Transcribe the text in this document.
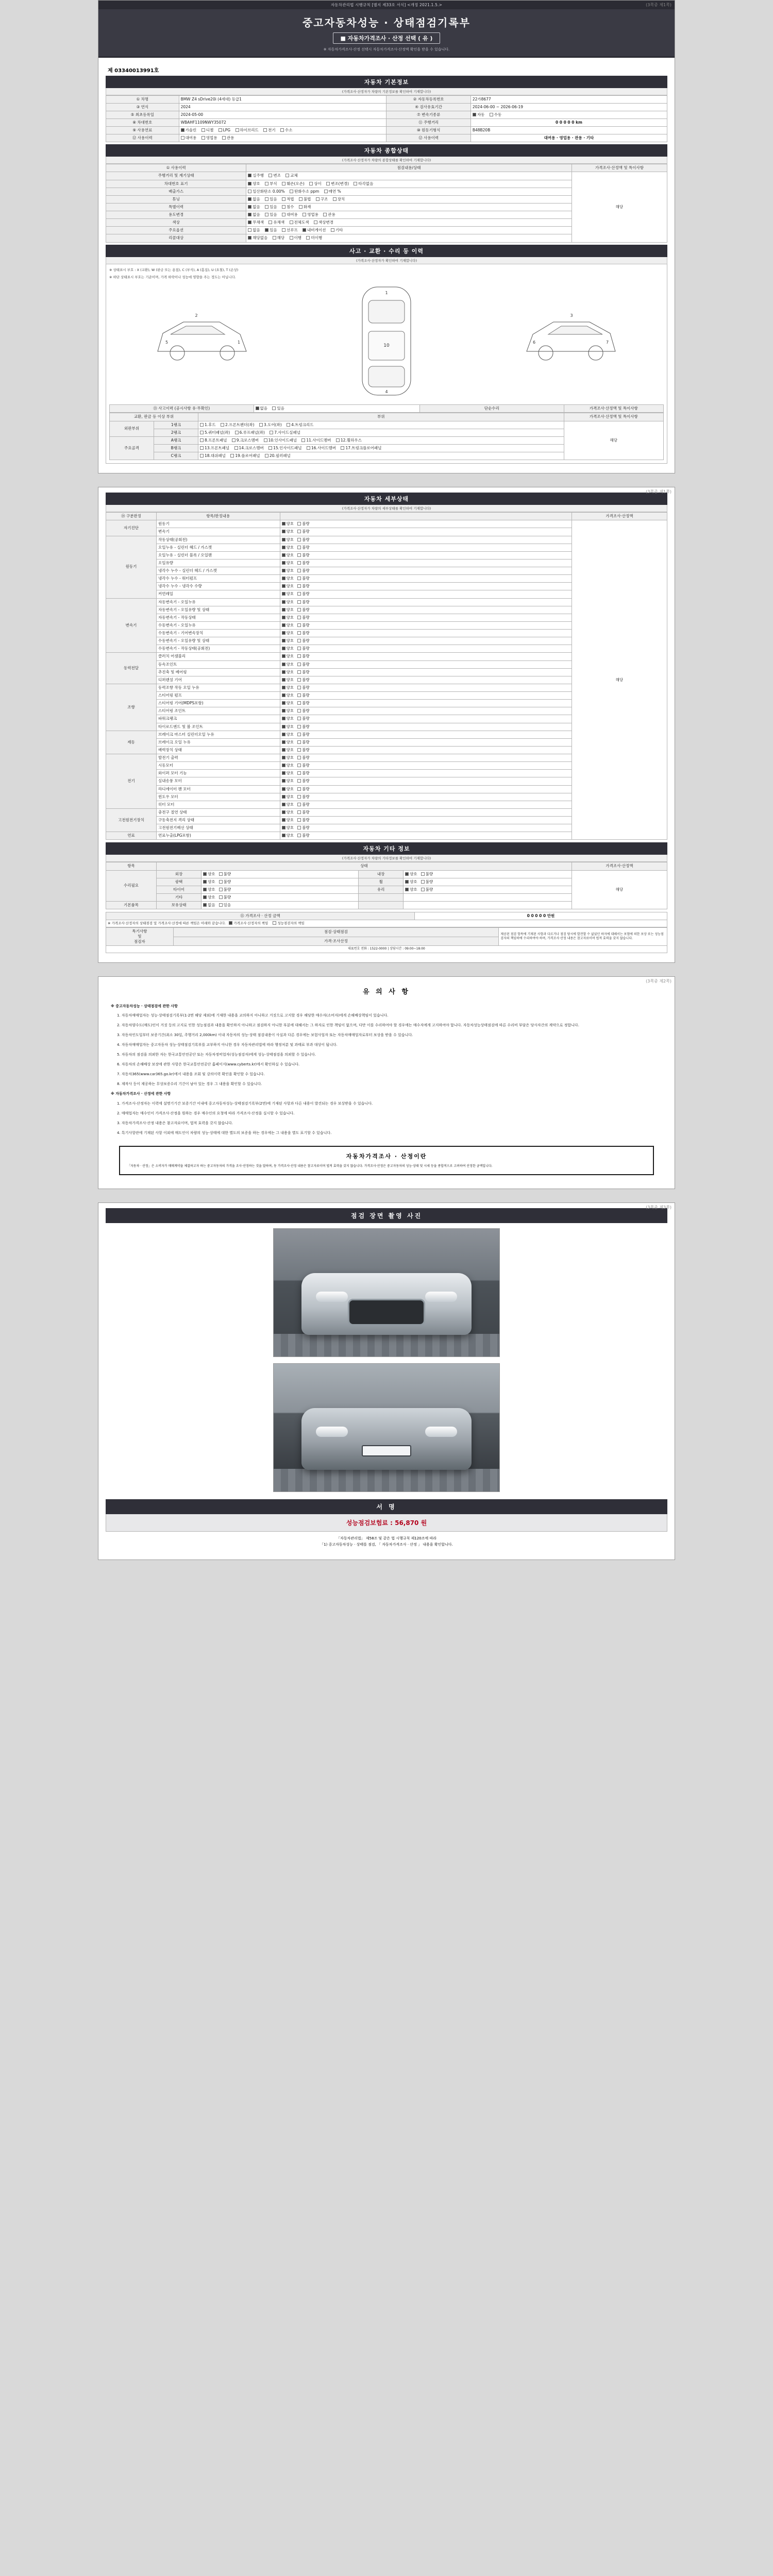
자동차관리법 시행규칙 [별지 제33호 서식] <개정 2021.1.5.>	(3쪽중 제1쪽)
중고자동차성능 · 상태점검기록부
■ 자동차가격조사 · 산정 선택 ( 유 )
※ 자동차가격조사·산정 선택시 자동차가격조사·산정액 확인을 받을 수 있습니다.
제 03340013991호
자동차 기본정보
(가격조사·산정자가 차량의 기본정보를 확인하여 기재합니다)
① 차명	BMW Z4 sDrive20i (4세대) 등급1	② 자동차등록번호	22가8677
③ 연식	2024	④ 검사유효기간	2024-06-00 ~ 2026-06-19
⑤ 최초등록일	2024-05-00	⑦ 변속기종류	자동 수동
⑧ 차대번호	WBAHF1109NWY35072	⑪ 주행거리	0 0 0 0 0 km
⑨ 사용연료	가솔린 디젤 LPG 하이브리드 전기 수소	⑩ 원동기형식	B48B20B
⑫ 사용이력	대여용 영업용 관용	⑫ 사용이력	대여용 · 영업용 · 관용 · 기타
자동차 종합상태
(가격조사·산정자가 차량의 종합상태를 확인하여 기재합니다)
① 사용이력	점검내용/상태	가격조사·산정액 및 특이사항
주행거리 및 계기상태	실주행 변조 교체	해당
차대번호 표기	양호 부식 훼손(오손) 상이 변조(변경) 타각없음	
배출가스	일산화탄소 0.00% 탄화수소 ppm 매연 %	
튜닝	없음 있음 적법 불법 구조 장치	
특별이력	없음 있음 침수 화재	
용도변경	없음 있음 대여용 영업용 관용	
색상	무채색 유채색 전체도색 색상변경	
주요옵션	없음 있음 선루프 내비게이션 기타	
리콜대상	해당없음 해당 이행 미이행	
사고 · 교환 · 수리 등 이력
(가격조사·산정자가 확인하여 기재합니다)
※ 상태표시 부호 : X (교환), W (판금 또는 용접), C (부식), A (흠집), U (요철), T (손상)
※ 하단 상태표시 부호는 기준이며, 가격 하락이나 성능에 영향을 주는 정도는 아닙니다.
2
5	1
1
10
4
3
6	7
⑬ 사고이력 (공시사항 유·무확인)	없음 있음	단순수리	가격조사·산정액 및 특이사항
교환, 판금 등 이상 부위		부위	가격조사·산정액 및 특이사항
외판부위	1랭크	1.후드 2.프론트펜더(좌) 3.도어(좌) 4.트렁크리드	해당
	2랭크	5.쿼터패널(좌) 6.루프패널(좌) 7.사이드실패널	
주요골격	A랭크	8.프론트패널 9.크로스멤버 10.인사이드패널 11.사이드멤버 12.휠하우스	
	B랭크	13.프론트패널 14.크로스멤버 15.인사이드패널 16.사이드멤버 17.트렁크플로어패널	
	C랭크	18.대쉬패널 19.플로어패널 20.필러패널	
(3쪽중 제1쪽)
자동차 세부상태
(가격조사·산정자가 차량의 세부상태를 확인하여 기재합니다)
⑭ 구분판정	항목/판정내용		가격조사·산정액
자기진단	원동기	양호 불량	해당
	변속기	양호 불량	
원동기	작동상태(공회전)	양호 불량	
	오일누유 - 실린더 헤드 / 가스켓	양호 불량	
	오일누유 - 실린더 블록 / 오일팬	양호 불량	
	오일유량	양호 불량	
	냉각수 누수 - 실린더 헤드 / 가스켓	양호 불량	
	냉각수 누수 - 워터펌프	양호 불량	
	냉각수 누수 - 냉각수 수량	양호 불량	
	커먼레일	양호 불량	
변속기	자동변속기 - 오일누유	양호 불량	
	자동변속기 - 오일유량 및 상태	양호 불량	
	자동변속기 - 작동상태	양호 불량	
	수동변속기 - 오일누유	양호 불량	
	수동변속기 - 기어변속장치	양호 불량	
	수동변속기 - 오일유량 및 상태	양호 불량	
	수동변속기 - 작동상태(공회전)	양호 불량	
동력전달	클러치 어셈블리	양호 불량	
	등속조인트	양호 불량	
	추진축 및 베어링	양호 불량	
	디퍼렌셜 기어	양호 불량	
조향	동력조향 작동 오일 누유	양호 불량	
	스티어링 펌프	양호 불량	
	스티어링 기어(MDPS포함)	양호 불량	
	스티어링 조인트	양호 불량	
	파워크랭크	양호 불량	
	타이로드엔드 및 볼 조인트	양호 불량	
제동	브레이크 마스터 실린더오일 누유	양호 불량	
	브레이크 오일 누유	양호 불량	
	배력장치 상태	양호 불량	
전기	발전기 출력	양호 불량	
	시동모터	양호 불량	
	와이퍼 모터 기능	양호 불량	
	실내송풍 모터	양호 불량	
	라디에이터 팬 모터	양호 불량	
	윈도우 모터	양호 불량	
	히터 모터	양호 불량	
고전원전기장치	충전구 절연 상태	양호 불량	
	구동축전지 격리 상태	양호 불량	
	고전원전기배선 상태	양호 불량	
연료	연료누출(LPG포함)	양호 불량	
자동차 기타 정보
(가격조사·산정자가 차량의 기타정보를 확인하여 기재합니다)
항목	상태				가격조사·산정액
수리필요	외장	양호 불량	내장	양호 불량	해당
	광택	양호 불량	휠	양호 불량	
	타이어	양호 불량	유리	양호 불량	
	기타	양호 불량			
기본품목	보유상태	없음 있음			
⑮ 가격조사 · 산정 금액	0 0 0 0 0 만원
※ 가격조사·산정자의 상태점검 및 가격조사·산정에 따른 책임은 아래와 같습니다. 가격조사·산정자의 책임	성능점검자의 책임
특기사항
및
점검자	점검·상태점검	제공된 점검 항목에 기재된 사항과 다르거나 점검 당시에 발견할 수 없었던 하자에 대해서는 보험에 의한 보상 또는 성능점검자의 책임하에 수리하여야 하며, 가격조사·산정 내용은 참고자료이며 법적 효력을 갖지 않습니다.
가격·조사산정
대표번호 전화 : 1522-0000 | 상담시간 : 09:00~18:00
(3쪽중 제2쪽)
유 의 사 항

※ 중고자동차성능 · 상태점검에 관한 사항

1. 자동차매매업자는 성능·상태점검기록부(1·2면 해당 제외)에 기재한 내용을 교의하지 아니하고 거짓으로 고지할 경우 해당한 매수자(소비자)에게 손해배상책임이 있습니다.

2. 자동차양수도(매도)인이 거짓 등의 고지로 인한 성능점검과 내용을 확인하지 아니하고 점검하지 아니한 부분에 대해서는 그 하자로 인한 책임이 없으며, 다만 이를 수리하여야 할 경우에는 매수자에게 고지하여야 합니다. 자동차성능상태점검에 따른 수리비 부담은 당사자간의 계약으로 정합니다.

3. 자동차인도일부터 보증기간(최소 30일, 주행거리 2,000km) 이내 자동차의 성능·상태 점검내용이 사실과 다른 경우에는 보험사업자 또는 자동차매매업자로부터 보상을 받을 수 있습니다.

4. 자동차매매업자는 중고자동차 성능·상태점검기록부를 교부하지 아니한 경우 자동차관리법에 따라 행정처분 및 과태료 부과 대상이 됩니다.

5. 자동차의 점검을 의뢰한 자는 한국교통안전공단 또는 자동차정비업자(성능점검자)에게 성능·상태점검을 의뢰할 수 있습니다.

6. 자동차의 손해배상 보장에 관한 사항은 한국교통안전공단 홈페이지(www.cyberts.kr)에서 확인하실 수 있습니다.

7. 자동차365(www.car365.go.kr)에서 내용을 조회 및 강의이력 확인을 확인할 수 있습니다.

8. 제작사 등이 제공하는 무상보증수리 기간이 남아 있는 경우 그 내용을 확인할 수 있습니다.

※ 자동차가격조사 · 산정에 관한 사항

1. 가격조사·산정자는 이력에 설명기기간 보증기간 이내에 중고자동차성능·상태점검기록부(2면)에 기재된 사항과 다른 내용이 발견되는 경우 보상받을 수 있습니다.

2. 매매업자는 매수인이 가격조사·산정을 원하는 경우 매수인의 요청에 따라 가격조사·산정을 실시할 수 있습니다.

3. 자동차가격조사·산정 내용은 참고자료이며, 법적 효력을 갖지 않습니다.

4. 특기사항란에 기재된 사항 이외에 매도인이 차량의 성능·상태에 대한 별도의 보증을 하는 경우에는 그 내용을 별도 표기할 수 있습니다.

자동차가격조사 · 산정이란
「자동차 · 산정」은 소비자가 매매계약을 체결하고자 하는 중고자동차의 가격을 조사·산정하는 것을 말하며, 동 가격조사·산정 내용은 참고자료이며 법적 효력을 갖지 않습니다. 가격조사·산정은 중고자동차의 성능·상태 및 시세 등을 종합적으로 고려하여 산정한 금액입니다.
(3쪽중 제3쪽)
점검 장면 촬영 사진
서 명
성능점검보험료 : 56,870 원
「자동차관리법」 제58조 및 같은 법 시행규칙 제120조에 따라
「1) 중고자동차성능 · 상태를 점검, 「 자동차가격조사 · 산정 」 내용을 확인합니다.
